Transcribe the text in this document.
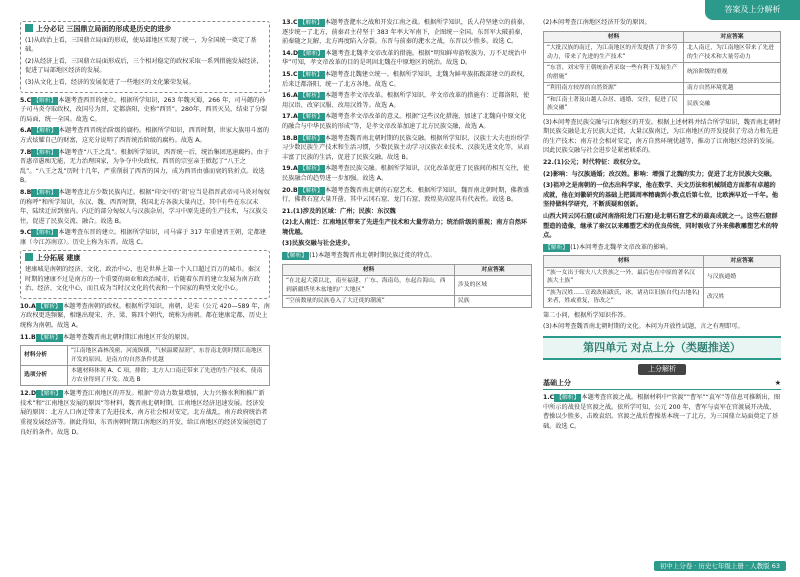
答案及上分解析
上分必记 三国鼎立局面的形成是历史的进步
(1)从政治上看，三国鼎立局面的形成，使局部地区实现了统一，为全国统一奠定了基础。
(2)从经济上看，三国鼎立局面形成后，三个相对稳定的政权采取一系列措施发展经济，促进了局部地区经济的发展。
(3)从文化上看，经济的发展促进了一些地区的文化繁荣发展。
5.C 【解析】 本题考查西晋的建立。根据所学知识，263 年魏灭蜀，266 年，司马懿的孙子司马炎夺取政权，改国号为晋，定都洛阳，史称“西晋”。280年，西晋灭吴，结束了分裂的局面，统一全国。故选 C。
6.A 【解析】 本题考查西晋统治阶级的腐朽。根据所学知识，西晋时期，世家大族用斗富的方式炫耀自己的财富，这充分说明了西晋统治阶级的腐朽。故选 A。
7.B 【解析】 本题考查“八王之乱”。根据所学知识，西晋统一后，统治集团迅速腐朽。由于晋惠帝愚痴无能，无力治理国家，为争夺中央政权，西晋的宗室亲王掀起了“八王之乱”。“八王之乱”历时十几年，严重削弱了西晋的国力，成为西晋由盛而衰的转折点。故选 B。
8.B 【解析】 本题考查北方少数民族内迁。根据“印文中的‘胡’应当是指晋武帝司马炎对匈奴的称呼”和所学知识，东汉、魏、西晋时期，我国北方各族大量内迁。其中有些在东汉末年，陆续迁居到塞内。内迁的部分匈奴人与汉族杂居，学习中原先进的生产技术，与汉族交往，促进了民族交流、融合。故选 B。
9.C 【解析】 本题考查东晋的建立。根据所学知识，司马睿于 317 年重建晋王朝，定都建康（今江苏南京）。历史上称为东晋。故选 C。
上分拓展 建康
建康城是南朝的经济、文化、政治中心，也是世界上第一个人口超过百万的城市。秦汉时期的建康不过是南方的一个重要的商业和政治城市，后随着东晋的建立发展为南方政治、经济、文化中心，而且成为当时汉文化的代表和一个国家的典型文化中心。
10.A 【解析】 本题考查南朝的政权。根据所学知识，南朝，是宋（公元 420—589 年，南方政权更迭频繁，相继出现宋、齐、梁、陈四个朝代，统称为南朝。都在建康定都，历史上统称为南朝。故选 A。
11.B 【解析】 本题考查魏晋南北朝时期江南地区开发的原因。
材料分析	“江南地区森林茂密，河流纵横，气候温暖湿润”，东晋南北朝时期江南地区开发的原因，是南方的自然条件优越
选项分析	本题材料体现 A、C 项，排除；北方人口南迁带来了先进的生产技术，使南方农业得到了开发。故选 B
12.D 【解析】 本题考查江南地区的开发。根据“劳动力数量增加，大力兴修水利和推广新技术”和“江南地区发展的原因”等材料，魏晋南北朝时期，江南地区经济迅速发展。经济发展的原因：北方人口南迁带来了先进技术，南方社会相对安定，北方战乱，南方政府统治者重视发展经济等。据此得知，东晋南朝时期江南地区的开发，给江南地区的经济发展创造了良好的条件。故选 D。
13.C 【解析】 本题考查淝水之战和开发江南之战。根据所学知识，氐人苻坚建立的前秦，逐步统一了北方，前秦君主苻坚于 383 年率大军南下，企图统一全国。东晋军大破前秦，前秦随之瓦解，北方再度陷入分裂。东晋与前秦的淝水之战，东晋以少胜多。故选 C。
14.D 【解析】 本题考查北魏孝文帝改革的措施。根据“明知鲜卑游牧族为，万不足统治中华”可知，孝文帝改革的目的是巩固北魏在中原地区的统治。故选 D。
15.C 【解析】 本题考查北魏建立统一。根据所学知识，北魏为鲜卑族拓跋部建立的政权，后来迁都洛阳，统一了北方各地。故选 C。
16.A 【解析】 本题考查孝文帝改革。根据所学知识，孝文帝改革的措施有：迁都洛阳，使用汉语、改穿汉服、改用汉姓等。故选 A。
17.A 【解析】 本题考查孝文帝改革的意义。根据“这些汉化措施，加速了北魏向中原文化的融合与中华民族的形成”等，是孝文帝改革加速了北方民族交融，故选 A。
18.B 【解析】 本题考查魏晋南北朝时期的民族交融。根据所学知识，汉族士大夫也纷纷学习少数民族生产技术和生活习惯，少数民族主动学习汉族农业技术、汉族先进文化等，从而丰富了民族的生活，促进了民族交融。故选 B。
19.A 【解析】 本题考查民族交融。根据所学知识，汉化改革促进了民族间的相互交往，使民族融合的趋势进一步加强。故选 A。
20.B 【解析】 本题考查魏晋南北朝的石窟艺术。根据所学知识，魏晋南北朝时期，佛教盛行，佛教石窟大量开凿。其中云冈石窟、龙门石窟、敦煌莫高窟具有代表性。故选 B。
21.(1)涉及的区域：广州；民族：东汉魏
(2)北人南迁：江南地区带来了先进生产技术和大量劳动力；统治阶级的重视；南方自然环境优越。
(3)民族交融与社会进步。
【解析】 (1)本题考查魏晋南北朝时期民族迁徙的特点。
材料	对应答案
“在北起大漠以北，南至福建、广东、海南岛，东起台海山，西到新疆塔里木盆地的广大地区”	涉及的区域
“空前数量的民族卷入了大迁徙的潮流”	民族
(2)本问考查江南地区经济开发的原因。
材料	对应答案
“大批汉族的南迁，为江南地区的开发提供了许多劳动力，带来了先进的生产技术”	北人南迁，为江南地区带来了先进的生产技术和大量劳动力
“东晋、刘宋等王朝统治者采取一些有利于发展生产的措施”	统治阶级的重视
“利用南方较厚的自然资源”	南方自然环境优越
“和江南土著及山越人杂居、通婚、交往，促进了民族交融”	民族交融
(3)本问考查民族交融与江南地区的开发。根据上述材料并结合所学知识，魏晋南北朝时期民族交融是北方民族大迁徙，大量汉族南迁，为江南地区的开发提供了劳动力和先进的生产技术；南方社会相对安定，南方自然环境优越等，推动了江南地区经济的发展。因此民族交融与社会进步是紧密联系的。
22.(1)公元；时代特征：政权分立。
(2)影响：与汉族通婚；改汉姓。影响：增强了北魏的实力；促进了北方民族大交融。
(3)祖冲之是南朝的一位杰出科学家，他在数学、天文历法和机械制造方面都有卓越的成就，他在刘徽研究的基础上把圆周率精确到小数点后第七位，比欧洲早近一千年。他坚持做科学研究，不断质疑和创新。
山西大同云冈石窟(或河南洛阳龙门石窟)是北朝石窟艺术的最高成就之一。这些石窟群塑造的造像，继承了秦汉以来雕塑艺术的优良传统，同时吸收了外来佛教雕塑艺术的特点。
【解析】 (1)本问考查北魏孝文帝改革的影响。
材料	对应答案
“族一女出于嫁夫八大贵族之一外，最后也在中原的著名汉族大士族”	与汉族通婚
“族为汉姓……宣政改拓跋氏，冰，诸功臣旧族自代(古地名)来者，姓或重复，皆改之”	改汉姓
第二小问，根据所学知识作答。
(3)本问考查魏晋南北朝时期的文化。本问为开放性试题，言之有理即可。
第四单元 对点上分（类题推送）
上分解析
基础上分	★
1.C 【解析】 本题考查官渡之战。根据材料中“官渡”“曹军”“袁军”等信息可推断出，图中所示的战役是官渡之战。依所学可知，公元 200 年，曹军与袁军在官渡展开决战，曹操以少胜多，击败袁绍。官渡之战后曹操基本统一了北方，为三国鼎立局面奠定了基础。故选 C。
初中上分卷 · 历史七年级上册 · 人教版 63
